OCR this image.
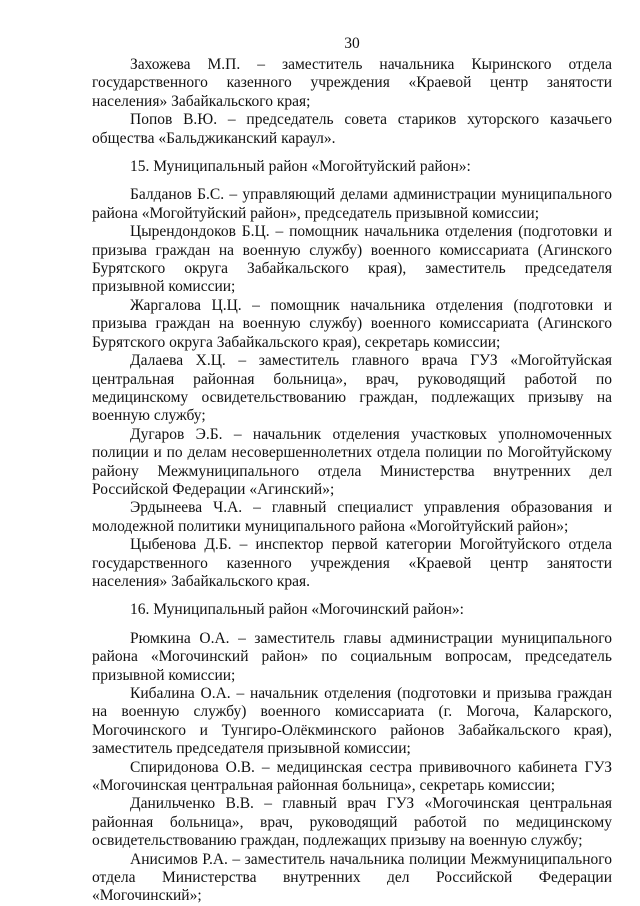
30

Захожева М.П. – заместитель начальника Кыринского отдела государственного казенного учреждения «Краевой центр занятости населения» Забайкальского края;

Попов В.Ю. – председатель совета стариков хуторского казачьего общества «Бальджиканский караул».

15. Муниципальный район «Могойтуйский район»:

Балданов Б.С. – управляющий делами администрации муниципального района «Могойтуйский район», председатель призывной комиссии;

Цырендондоков Б.Ц. – помощник начальника отделения (подготовки и призыва граждан на военную службу) военного комиссариата (Агинского Бурятского округа Забайкальского края), заместитель председателя призывной комиссии;

Жаргалова Ц.Ц. – помощник начальника отделения (подготовки и призыва граждан на военную службу) военного комиссариата (Агинского Бурятского округа Забайкальского края), секретарь комиссии;

Далаева Х.Ц. – заместитель главного врача ГУЗ «Могойтуйская центральная районная больница», врач, руководящий работой по медицинскому освидетельствованию граждан, подлежащих призыву на военную службу;

Дугаров Э.Б. – начальник отделения участковых уполномоченных полиции и по делам несовершеннолетних отдела полиции по Могойтуйскому району Межмуниципального отдела Министерства внутренних дел Российской Федерации «Агинский»;

Эрдынеева Ч.А. – главный специалист управления образования и молодежной политики муниципального района «Могойтуйский район»;

Цыбенова Д.Б. – инспектор первой категории Могойтуйского отдела государственного казенного учреждения «Краевой центр занятости населения» Забайкальского края.

16. Муниципальный район «Могочинский район»:

Рюмкина О.А. – заместитель главы администрации муниципального района «Могочинский район» по социальным вопросам, председатель призывной комиссии;

Кибалина О.А. – начальник отделения (подготовки и призыва граждан на военную службу) военного комиссариата (г. Могоча, Каларского, Могочинского и Тунгиро-Олёкминского районов Забайкальского края), заместитель председателя призывной комиссии;

Спиридонова О.В. – медицинская сестра прививочного кабинета ГУЗ «Могочинская центральная районная больница», секретарь комиссии;

Данильченко В.В. – главный врач ГУЗ «Могочинская центральная районная больница», врач, руководящий работой по медицинскому освидетельствованию граждан, подлежащих призыву на военную службу;

Анисимов Р.А. – заместитель начальника полиции Межмуниципального отдела Министерства внутренних дел Российской Федерации «Могочинский»;
